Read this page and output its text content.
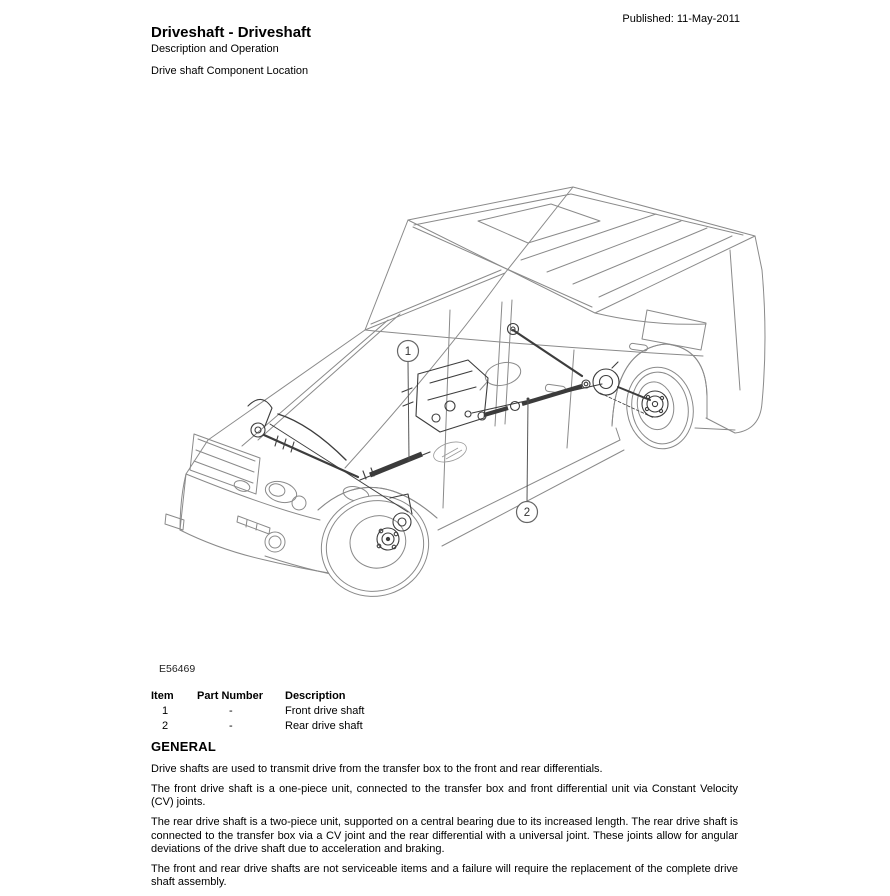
Published: 11-May-2011
Driveshaft - Driveshaft
Description and Operation
Drive shaft Component Location
1
2
E56469
Item	Part Number	Description
1	-	Front drive shaft
2	-	Rear drive shaft
GENERAL

Drive shafts are used to transmit drive from the transfer box to the front and rear differentials.

The front drive shaft is a one-piece unit, connected to the transfer box and front differential unit via Constant Velocity (CV) joints.

The rear drive shaft is a two-piece unit, supported on a central bearing due to its increased length. The rear drive shaft is connected to the transfer box via a CV joint and the rear differential with a universal joint. These joints allow for angular deviations of the drive shaft due to acceleration and braking.

The front and rear drive shafts are not serviceable items and a failure will require the replacement of the complete drive shaft assembly.
